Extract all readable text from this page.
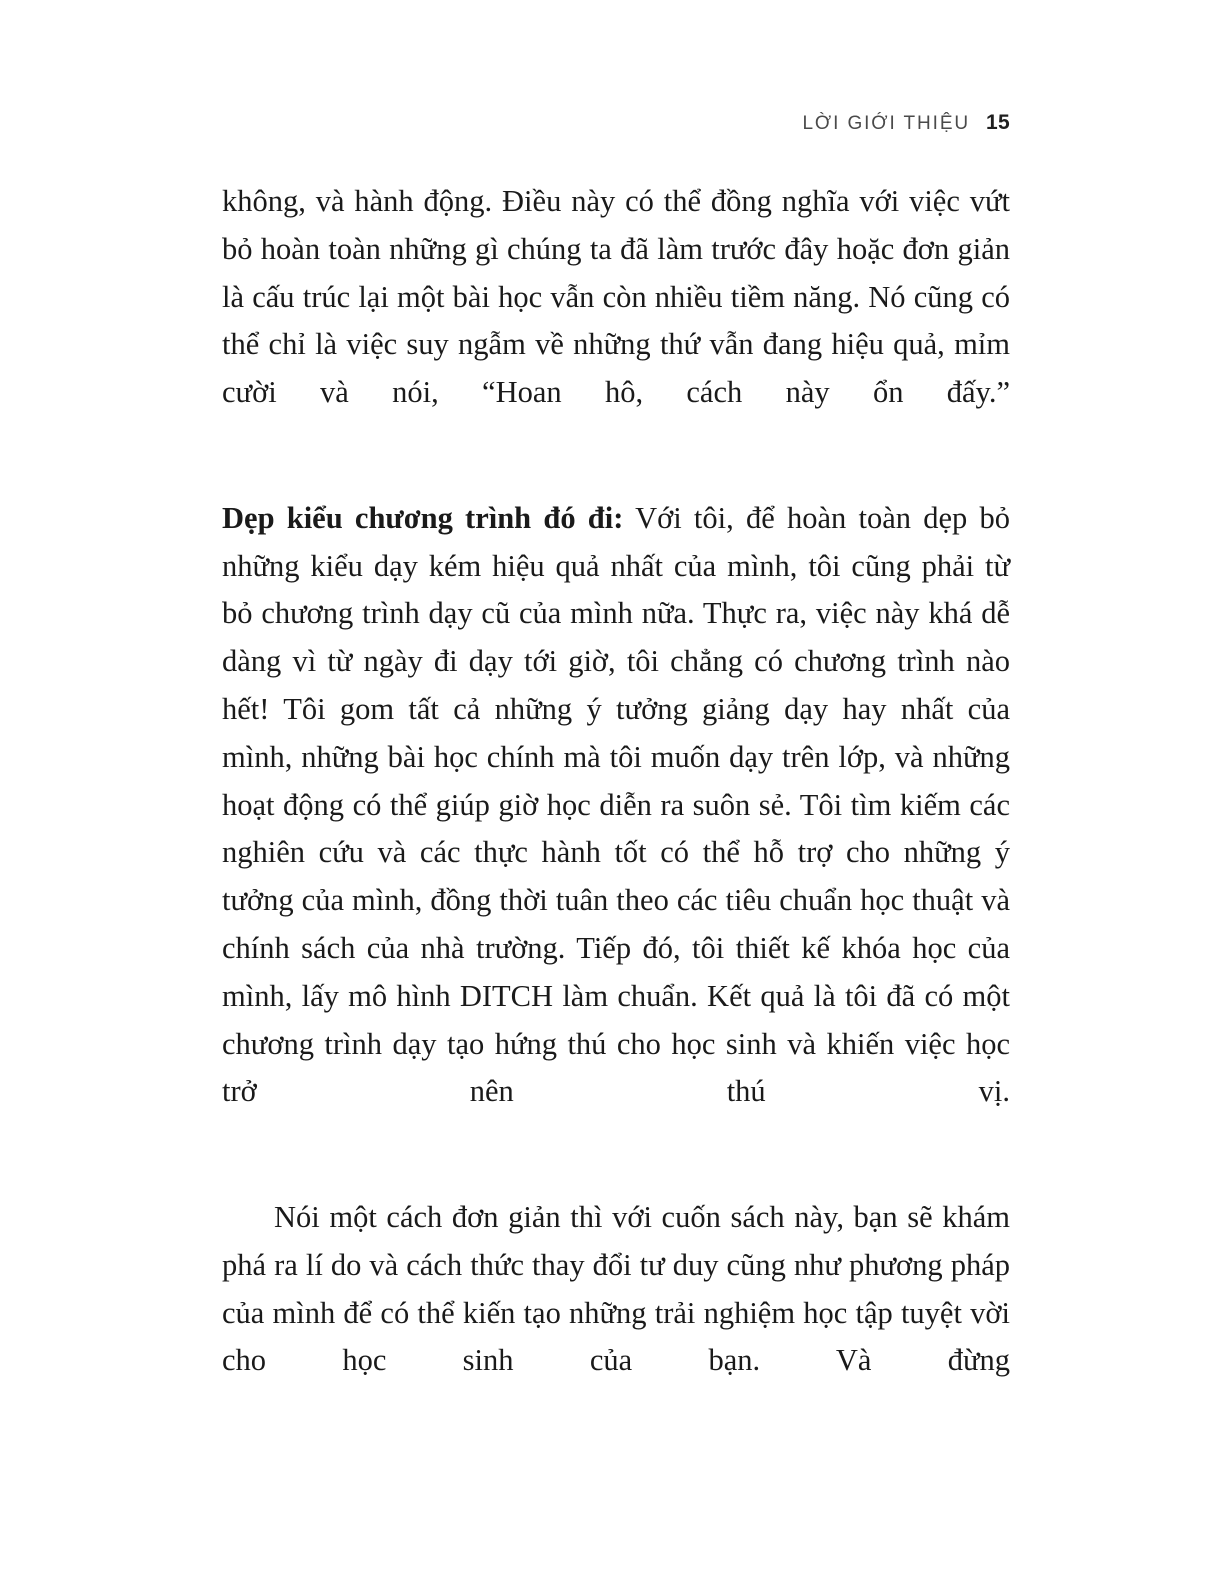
LỜI GIỚI THIỆU 15

không, và hành động. Điều này có thể đồng nghĩa với việc vứt bỏ hoàn toàn những gì chúng ta đã làm trước đây hoặc đơn giản là cấu trúc lại một bài học vẫn còn nhiều tiềm năng. Nó cũng có thể chỉ là việc suy ngẫm về những thứ vẫn đang hiệu quả, mỉm cười và nói, “Hoan hô, cách này ổn đấy.”

Dẹp kiểu chương trình đó đi: Với tôi, để hoàn toàn dẹp bỏ những kiểu dạy kém hiệu quả nhất của mình, tôi cũng phải từ bỏ chương trình dạy cũ của mình nữa. Thực ra, việc này khá dễ dàng vì từ ngày đi dạy tới giờ, tôi chẳng có chương trình nào hết! Tôi gom tất cả những ý tưởng giảng dạy hay nhất của mình, những bài học chính mà tôi muốn dạy trên lớp, và những hoạt động có thể giúp giờ học diễn ra suôn sẻ. Tôi tìm kiếm các nghiên cứu và các thực hành tốt có thể hỗ trợ cho những ý tưởng của mình, đồng thời tuân theo các tiêu chuẩn học thuật và chính sách của nhà trường. Tiếp đó, tôi thiết kế khóa học của mình, lấy mô hình DITCH làm chuẩn. Kết quả là tôi đã có một chương trình dạy tạo hứng thú cho học sinh và khiến việc học trở nên thú vị.

Nói một cách đơn giản thì với cuốn sách này, bạn sẽ khám phá ra lí do và cách thức thay đổi tư duy cũng như phương pháp của mình để có thể kiến tạo những trải nghiệm học tập tuyệt vời cho học sinh của bạn. Và đừng
